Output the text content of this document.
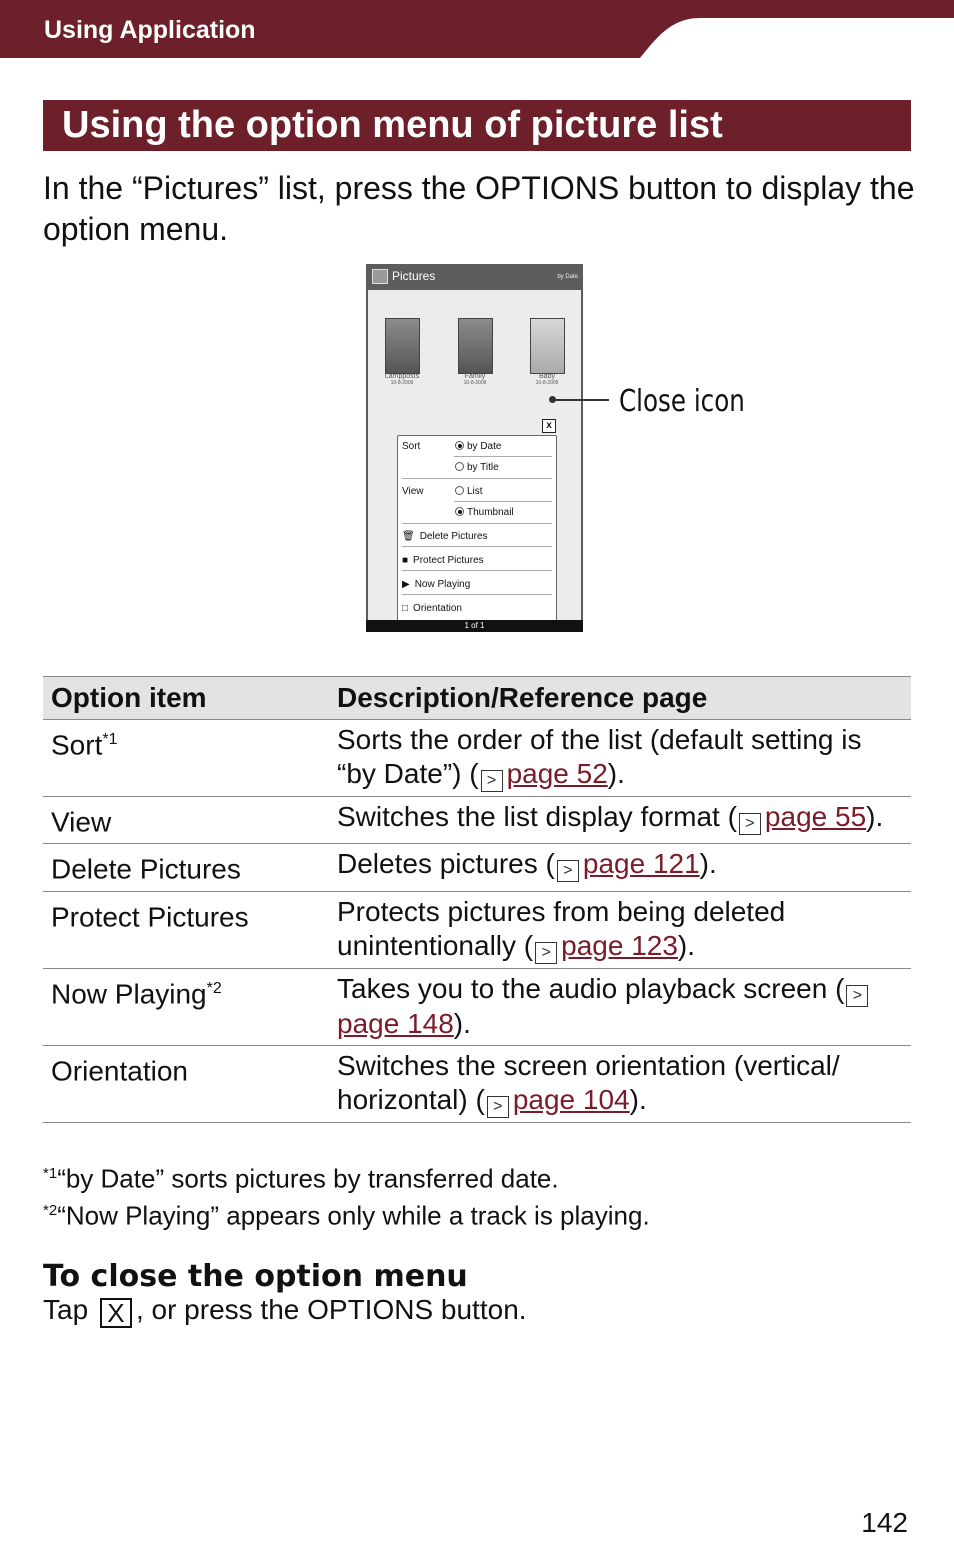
Using Application
Using the option menu of picture list
In the “Pictures” list, press the OPTIONS button to display the option menu.
Pictures	by Date
Lampposts
10-8-2009
Family
10-8-2009
Baby
10-8-2009
x
Sort	by Date
by Title
View	List
Thumbnail
🗑 Delete Pictures
■ Protect Pictures
▶ Now Playing
□ Orientation
1 of 1
Close icon
Option item	Description/Reference page
Sort$^{*1}$	Sorts the order of the list (default setting is “by Date”) ( > page 52).
View	Switches the list display format ( > page 55).
Delete Pictures	Deletes pictures ( > page 121).
Protect Pictures	Protects pictures from being deleted unintentionally ( > page 123).
Now Playing$^{*2}$	Takes you to the audio playback screen ( >page 148).
Orientation	Switches the screen orientation (vertical/ horizontal) ( > page 104).
$^{*1}$“by Date” sorts pictures by transferred date.
$^{*2}$“Now Playing” appears only while a track is playing.
To close the option menu
Tap X , or press the OPTIONS button.
142
